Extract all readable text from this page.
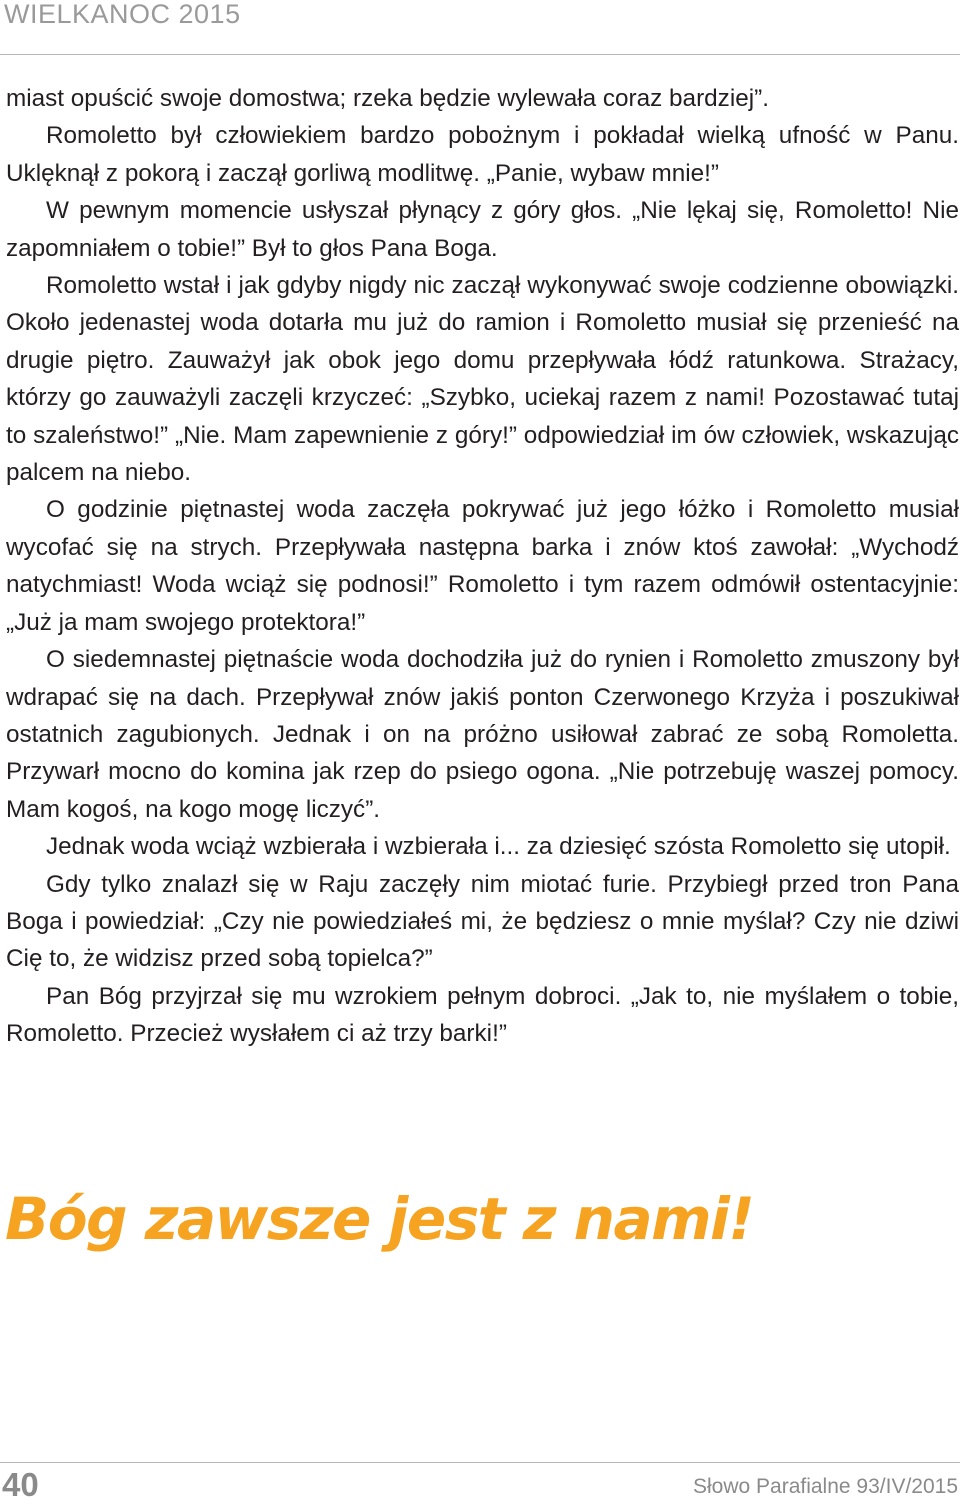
WIELKANOC 2015

miast opuścić swoje domostwa; rzeka będzie wylewała coraz bardziej”.

Romoletto był człowiekiem bardzo pobożnym i pokładał wielką ufność w Panu. Uklęknął z pokorą i zaczął gorliwą modlitwę. „Panie, wybaw mnie!”

W pewnym momencie usłyszał płynący z góry głos. „Nie lękaj się, Romoletto! Nie zapomniałem o tobie!” Był to głos Pana Boga.

Romoletto wstał i jak gdyby nigdy nic zaczął wykonywać swoje codzienne obowiązki. Około jedenastej woda dotarła mu już do ramion i Romoletto musiał się przenieść na drugie piętro. Zauważył jak obok jego domu przepływała łódź ratunkowa. Strażacy, którzy go zauważyli zaczęli krzyczeć: „Szybko, uciekaj razem z nami! Pozostawać tutaj to szaleństwo!” „Nie. Mam zapewnienie z góry!” odpowiedział im ów człowiek, wskazując palcem na niebo.

O godzinie piętnastej woda zaczęła pokrywać już jego łóżko i Romoletto musiał wycofać się na strych. Przepływała następna barka i znów ktoś zawołał: „Wychodź natychmiast! Woda wciąż się podnosi!” Romoletto i tym razem odmówił ostentacyjnie: „Już ja mam swojego protektora!”

O siedemnastej piętnaście woda dochodziła już do rynien i Romoletto zmuszony był wdrapać się na dach. Przepływał znów jakiś ponton Czerwonego Krzyża i poszukiwał ostatnich zagubionych. Jednak i on na próżno usiłował zabrać ze sobą Romoletta. Przywarł mocno do komina jak rzep do psiego ogona. „Nie potrzebuję waszej pomocy. Mam kogoś, na kogo mogę liczyć”.

Jednak woda wciąż wzbierała i wzbierała i... za dziesięć szósta Romoletto się utopił.

Gdy tylko znalazł się w Raju zaczęły nim miotać furie. Przybiegł przed tron Pana Boga i powiedział: „Czy nie powiedziałeś mi, że będziesz o mnie myślał? Czy nie dziwi Cię to, że widzisz przed sobą topielca?”

Pan Bóg przyjrzał się mu wzrokiem pełnym dobroci. „Jak to, nie myślałem o tobie, Romoletto. Przecież wysłałem ci aż trzy barki!”

Bóg zawsze jest z nami!
40	Słowo Parafialne 93/IV/2015
